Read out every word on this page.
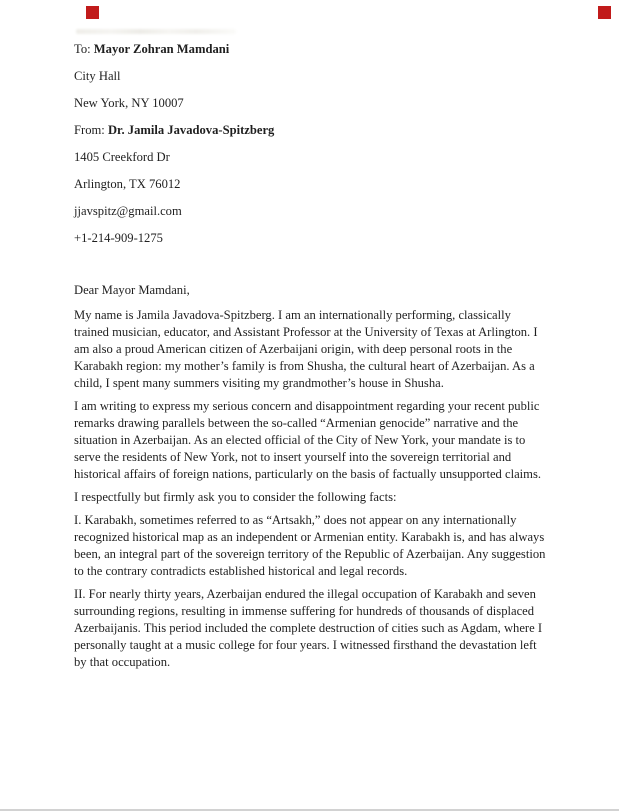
To: Mayor Zohran Mamdani

City Hall

New York, NY 10007

From: Dr. Jamila Javadova-Spitzberg

1405 Creekford Dr

Arlington, TX 76012

jjavspitz@gmail.com

+1-214-909-1275

Dear Mayor Mamdani,

My name is Jamila Javadova-Spitzberg. I am an internationally performing, classically trained musician, educator, and Assistant Professor at the University of Texas at Arlington. I am also a proud American citizen of Azerbaijani origin, with deep personal roots in the Karabakh region: my mother’s family is from Shusha, the cultural heart of Azerbaijan. As a child, I spent many summers visiting my grandmother’s house in Shusha.

I am writing to express my serious concern and disappointment regarding your recent public remarks drawing parallels between the so-called “Armenian genocide” narrative and the situation in Azerbaijan. As an elected official of the City of New York, your mandate is to serve the residents of New York, not to insert yourself into the sovereign territorial and historical affairs of foreign nations, particularly on the basis of factually unsupported claims.

I respectfully but firmly ask you to consider the following facts:

I. Karabakh, sometimes referred to as “Artsakh,” does not appear on any internationally recognized historical map as an independent or Armenian entity. Karabakh is, and has always been, an integral part of the sovereign territory of the Republic of Azerbaijan. Any suggestion to the contrary contradicts established historical and legal records.

II. For nearly thirty years, Azerbaijan endured the illegal occupation of Karabakh and seven surrounding regions, resulting in immense suffering for hundreds of thousands of displaced Azerbaijanis. This period included the complete destruction of cities such as Agdam, where I personally taught at a music college for four years. I witnessed firsthand the devastation left by that occupation.
